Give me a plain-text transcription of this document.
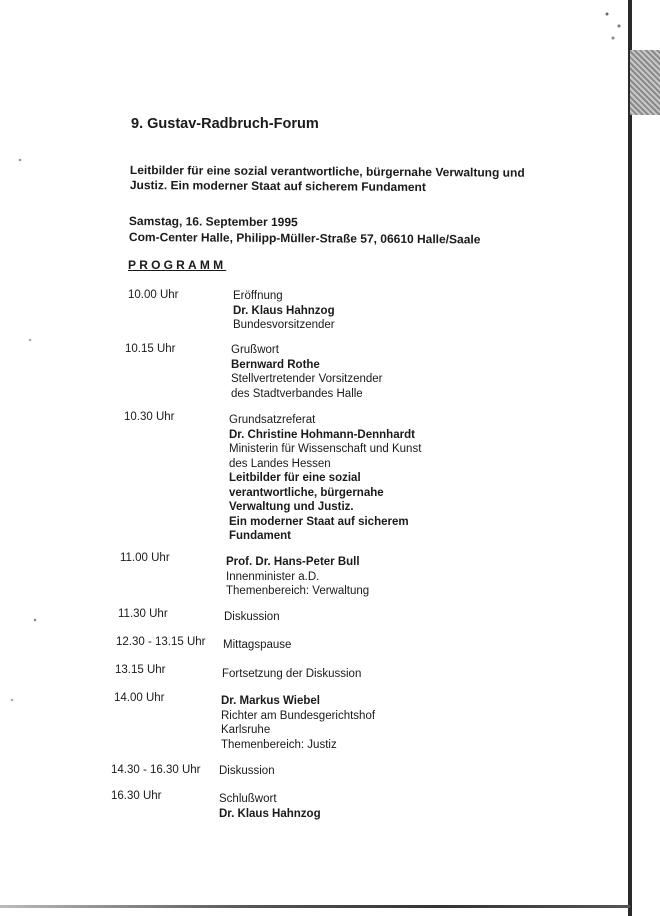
9. Gustav-Radbruch-Forum

Leitbilder für eine sozial verantwortliche, bürgernahe Verwaltung und Justiz. Ein moderner Staat auf sicherem Fundament

Samstag, 16. September 1995

Com-Center Halle, Philipp-Müller-Straße 57, 06610 Halle/Saale

PROGRAMM

10.00 Uhr	Eröffnung
Dr. Klaus Hahnzog
Bundesvorsitzender
10.15 Uhr	Grußwort
Bernward Rothe
Stellvertretender Vorsitzender
des Stadtverbandes Halle
10.30 Uhr	Grundsatzreferat
Dr. Christine Hohmann-Dennhardt
Ministerin für Wissenschaft und Kunst
des Landes Hessen
Leitbilder für eine sozial
verantwortliche, bürgernahe
Verwaltung und Justiz.
Ein moderner Staat auf sicherem
Fundament
11.00 Uhr	Prof. Dr. Hans-Peter Bull
Innenminister a.D.
Themenbereich: Verwaltung
11.30 Uhr	Diskussion
12.30 - 13.15 Uhr Mittagspause
13.15 Uhr	Fortsetzung der Diskussion
14.00 Uhr	Dr. Markus Wiebel
Richter am Bundesgerichtshof
Karlsruhe
Themenbereich: Justiz
14.30 - 16.30 Uhr Diskussion
16.30 Uhr	Schlußwort
Dr. Klaus Hahnzog
